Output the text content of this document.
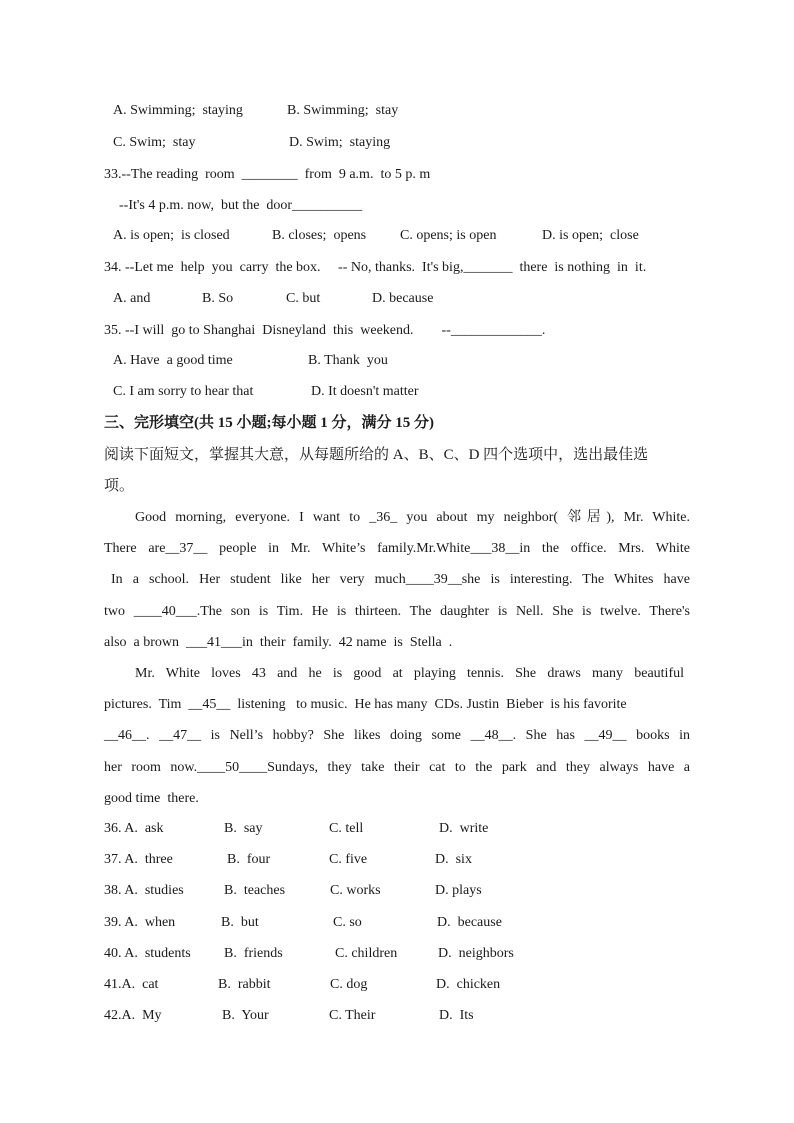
A. Swimming;  staying	B. Swimming;  stay
C. Swim;  stay	D. Swim;  staying
33.--The reading  room  ________  from  9 a.m.  to 5 p. m
--It's 4 p.m. now,  but the  door__________
A. is open;  is closed	B. closes;  opens C. opens; is open	D. is open;  close
34. --Let me  help  you  carry  the box.     -- No, thanks.  It's big,_______  there  is nothing  in  it.
A. and	B. So	C. but	D. because
35. --I will  go to Shanghai  Disneyland  this  weekend.        --_____________.
A. Have  a good time	B. Thank  you
C. I am sorry to hear that	D. It doesn't matter
三、完形填空(共 15 小题;每小题 1 分，满分 15 分)
阅读下面短文，掌握其大意，从每题所给的 A、B、C、D 四个选项中，选出最佳选
项。
Good morning, everyone. I want to _36_ you about my neighbor( 邻居), Mr. White.
There are__37__ people in Mr. White’s family.Mr.White___38__in the office. Mrs. White
In a school. Her student like her very much____39__she is interesting. The Whites have
two ____40___.The son is Tim. He is thirteen. The daughter is Nell. She is twelve. There's
also  a brown  ___41___in  their  family.  42 name  is  Stella  .
Mr. White loves 43 and he is good at playing tennis. She draws many beautiful
pictures.  Tim  __45__  listening   to music.  He has many  CDs. Justin  Bieber  is his favorite
__46__. __47__ is Nell’s hobby? She likes doing some __48__. She has __49__ books in
her room now.____50____Sundays, they take their cat to the park and they always have a
good time  there.
36. A.  ask	B.  say	C. tell	D.  write
37. A.  three	B.  four	C. five	D.  six
38. A.  studies	B.  teaches	C. works	D. plays
39. A.  when	B.  but	C. so	D.  because
40. A.  students B.  friends	C. children	D.  neighbors
41.A.  cat	B.  rabbit	C. dog	D.  chicken
42.A.  My	B.  Your	C. Their	D.  Its
